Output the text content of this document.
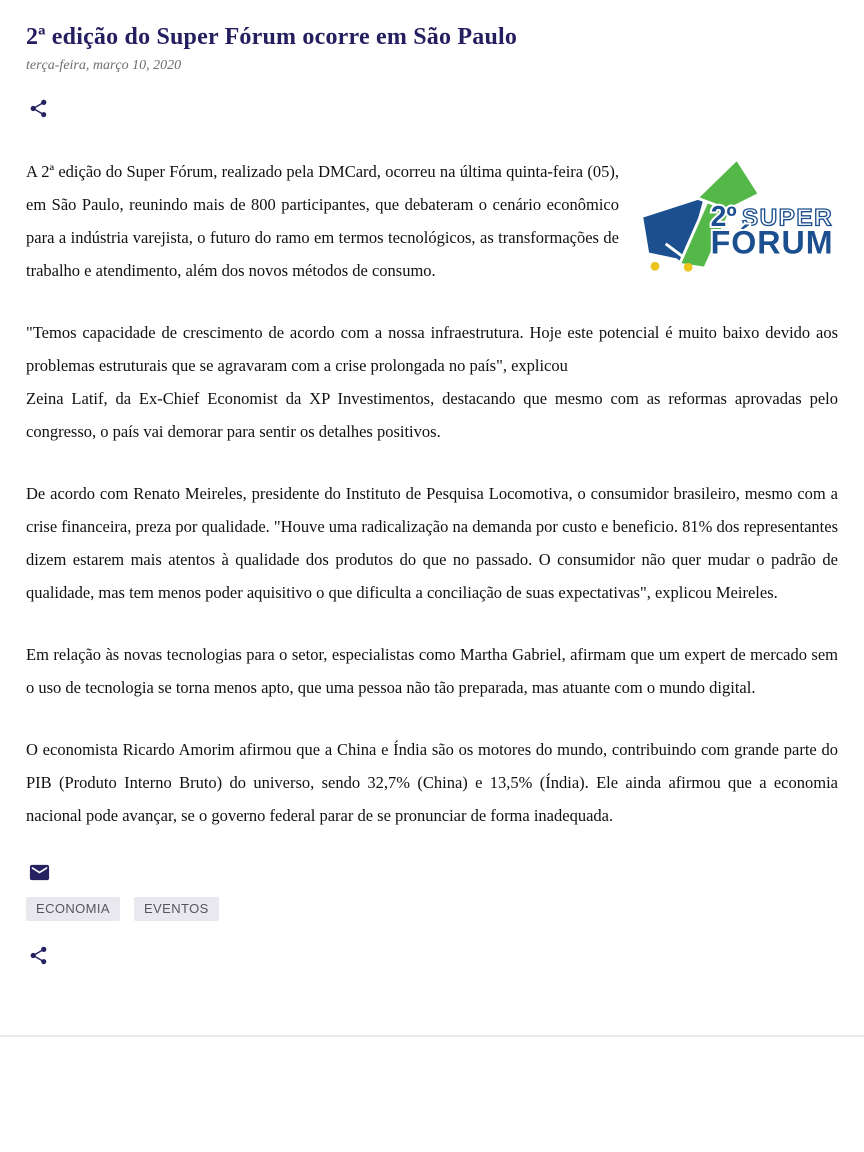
2ª edição do Super Fórum ocorre em São Paulo
terça-feira, março 10, 2020
2º SUPER
FÓRUM

A 2ª edição do Super Fórum, realizado pela DMCard, ocorreu na última quinta-feira (05), em São Paulo, reunindo mais de 800 participantes, que debateram o cenário econômico para a indústria varejista, o futuro do ramo em termos tecnológicos, as transformações de trabalho e atendimento, além dos novos métodos de consumo.

"Temos capacidade de crescimento de acordo com a nossa infraestrutura. Hoje este potencial é muito baixo devido aos problemas estruturais que se agravaram com a crise prolongada no país", explicou
Zeina Latif, da Ex-Chief Economist da XP Investimentos, destacando que mesmo com as reformas aprovadas pelo congresso, o país vai demorar para sentir os detalhes positivos.

De acordo com Renato Meireles, presidente do Instituto de Pesquisa Locomotiva, o consumidor brasileiro, mesmo com a crise financeira, preza por qualidade. "Houve uma radicalização na demanda por custo e beneficio. 81% dos representantes dizem estarem mais atentos à qualidade dos produtos do que no passado. O consumidor não quer mudar o padrão de qualidade, mas tem menos poder aquisitivo o que dificulta a conciliação de suas expectativas", explicou Meireles.

Em relação às novas tecnologias para o setor, especialistas como Martha Gabriel, afirmam que um expert de mercado sem o uso de tecnologia se torna menos apto, que uma pessoa não tão preparada, mas atuante com o mundo digital.

O economista Ricardo Amorim afirmou que a China e Índia são os motores do mundo, contribuindo com grande parte do PIB (Produto Interno Bruto) do universo, sendo 32,7% (China) e 13,5% (Índia). Ele ainda afirmou que a economia nacional pode avançar, se o governo federal parar de se pronunciar de forma inadequada.

ECONOMIA	EVENTOS
